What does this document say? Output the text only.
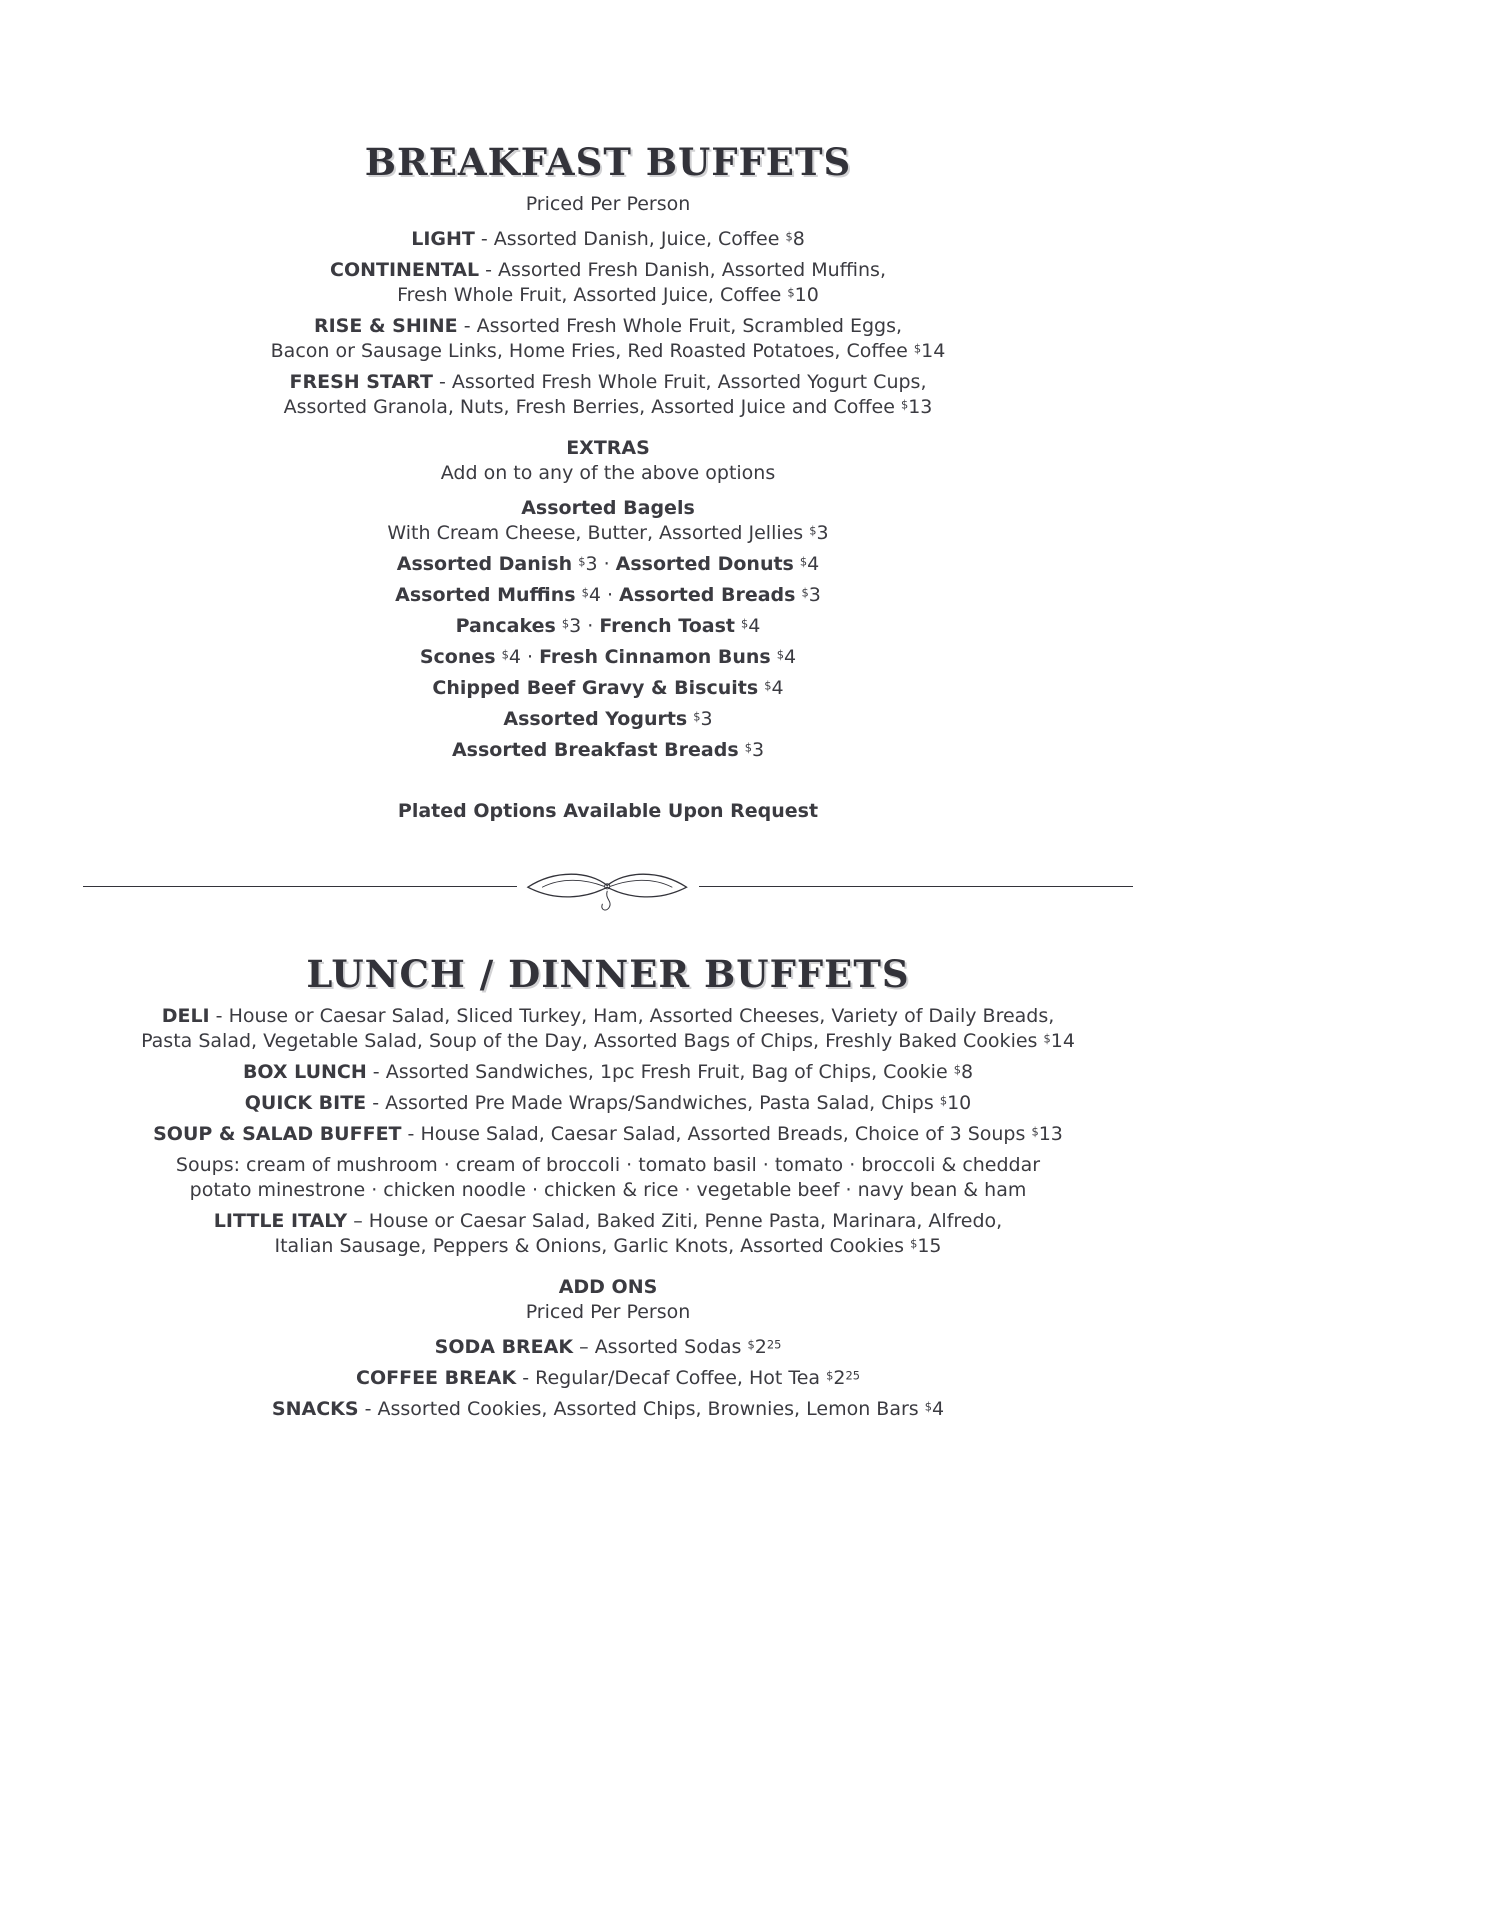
BREAKFAST BUFFETS
Priced Per Person
LIGHT - Assorted Danish, Juice, Coffee $8
CONTINENTAL - Assorted Fresh Danish, Assorted Muffins,
Fresh Whole Fruit, Assorted Juice, Coffee $10
RISE & SHINE - Assorted Fresh Whole Fruit, Scrambled Eggs,
Bacon or Sausage Links, Home Fries, Red Roasted Potatoes, Coffee $14
FRESH START - Assorted Fresh Whole Fruit, Assorted Yogurt Cups,
Assorted Granola, Nuts, Fresh Berries, Assorted Juice and Coffee $13
EXTRAS
Add on to any of the above options
Assorted Bagels
With Cream Cheese, Butter, Assorted Jellies $3
Assorted Danish $3 · Assorted Donuts $4
Assorted Muffins $4 · Assorted Breads $3
Pancakes $3 · French Toast $4
Scones $4 · Fresh Cinnamon Buns $4
Chipped Beef Gravy & Biscuits $4
Assorted Yogurts $3
Assorted Breakfast Breads $3
Plated Options Available Upon Request
LUNCH / DINNER BUFFETS
DELI - House or Caesar Salad, Sliced Turkey, Ham, Assorted Cheeses, Variety of Daily Breads,
Pasta Salad, Vegetable Salad, Soup of the Day, Assorted Bags of Chips, Freshly Baked Cookies $14
BOX LUNCH - Assorted Sandwiches, 1pc Fresh Fruit, Bag of Chips, Cookie $8
QUICK BITE - Assorted Pre Made Wraps/Sandwiches, Pasta Salad, Chips $10
SOUP & SALAD BUFFET - House Salad, Caesar Salad, Assorted Breads, Choice of 3 Soups $13
Soups: cream of mushroom · cream of broccoli · tomato basil · tomato · broccoli & cheddar
potato minestrone · chicken noodle · chicken & rice · vegetable beef · navy bean & ham
LITTLE ITALY – House or Caesar Salad, Baked Ziti, Penne Pasta, Marinara, Alfredo,
Italian Sausage, Peppers & Onions, Garlic Knots, Assorted Cookies $15
ADD ONS
Priced Per Person
SODA BREAK – Assorted Sodas $^{\$}2^{25}$
COFFEE BREAK - Regular/Decaf Coffee, Hot Tea $^{\$}2^{25}$
SNACKS - Assorted Cookies, Assorted Chips, Brownies, Lemon Bars $4
